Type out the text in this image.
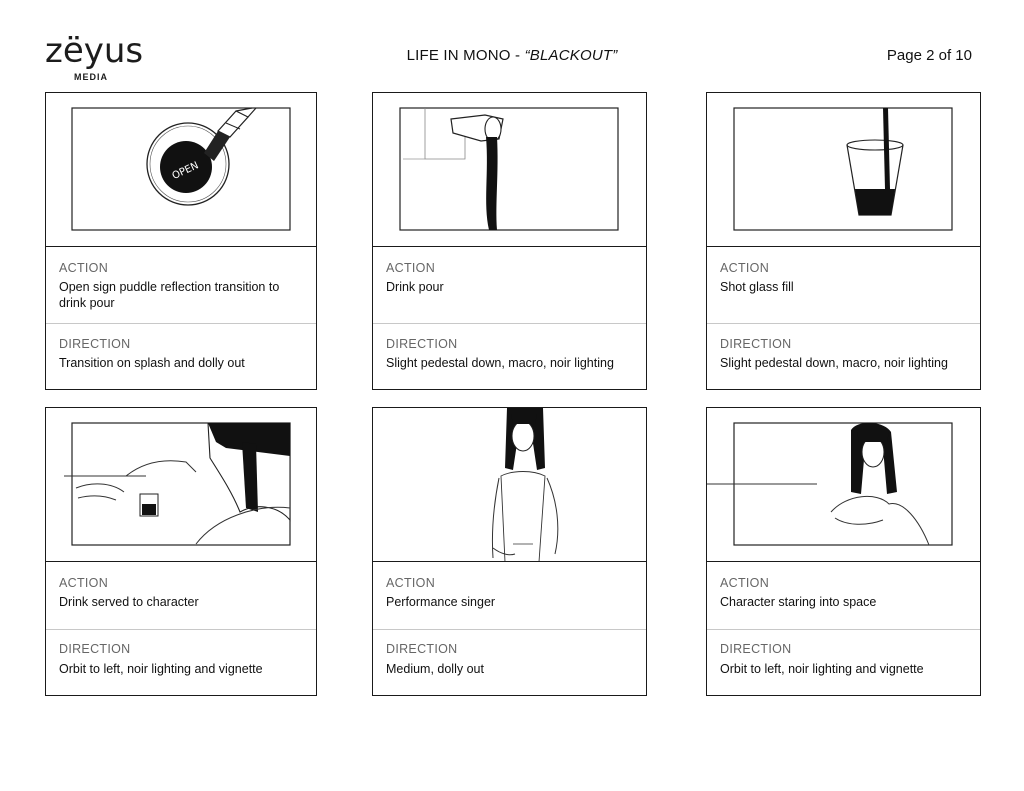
zëyus
MEDIA
LIFE IN MONO - “BLACKOUT”	Page 2 of 10
OPEN
ACTION
Open sign puddle reflection transition to drink pour
DIRECTION
Transition on splash and dolly out
ACTION
Drink pour
DIRECTION
Slight pedestal down, macro, noir lighting
ACTION
Shot glass fill
DIRECTION
Slight pedestal down, macro, noir lighting
ACTION
Drink served to character
DIRECTION
Orbit to left, noir lighting and vignette
ACTION
Performance singer
DIRECTION
Medium, dolly out
ACTION
Character staring into space
DIRECTION
Orbit to left, noir lighting and vignette
